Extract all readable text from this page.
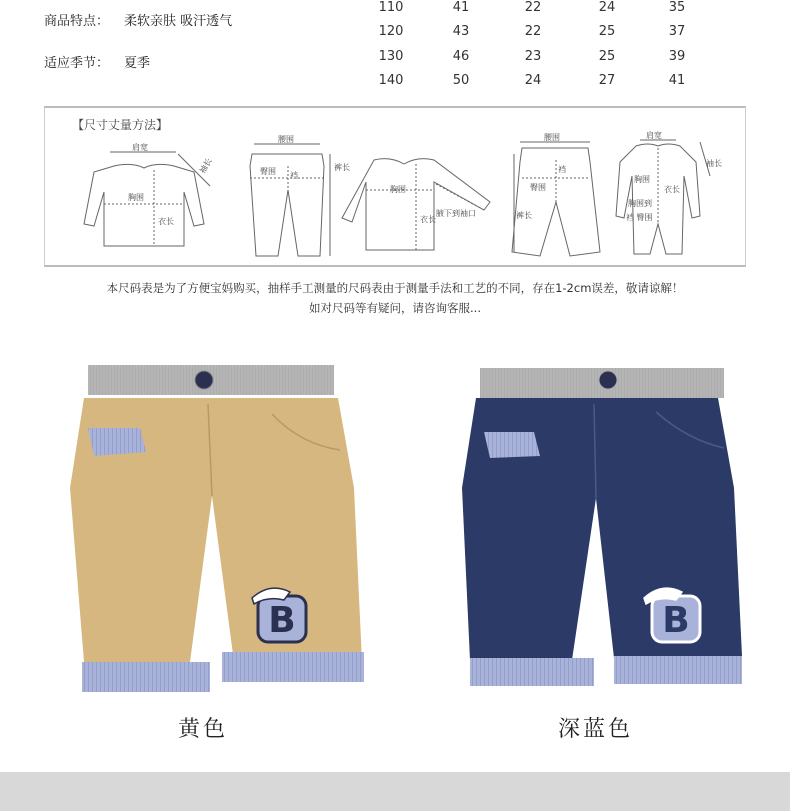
商品特点： 柔软亲肤 吸汗透气
适应季节： 夏季
110	41	22	24	35
120	43	22	25	37
130	46	23	25	39
140	50	24	27	41
【尺寸丈量方法】
肩宽
袖长
胸围
衣长
腰围
臀围 裆
裤长
胸围
衣长
腋下到袖口
腰围
臀围
裆
裤长
肩宽
袖长
胸围
衣长
胸围到
裆 臀围
本尺码表是为了方便宝妈购买，抽样手工测量的尺码表由于测量手法和工艺的不同，存在1-2cm误差，敬请谅解！
如对尺码等有疑问，请咨询客服...
B	B
黄色	深蓝色
